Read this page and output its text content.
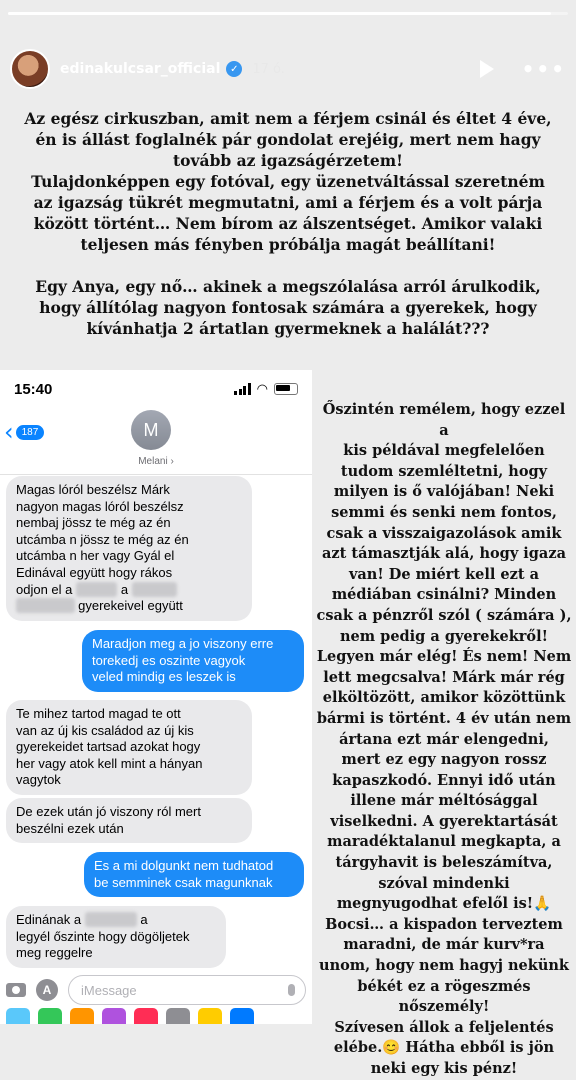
edinakulcsar_official ✓ 17 ó.	•••
Az egész cirkuszban, amit nem a férjem csinál és éltet 4 éve,
én is állást foglalnék pár gondolat erejéig, mert nem hagy
tovább az igazságérzetem!
Tulajdonképpen egy fotóval, egy üzenetváltással szeretném
az igazság tükrét megmutatni, ami a férjem és a volt párja
között történt… Nem bírom az álszentséget. Amikor valaki
teljesen más fényben próbálja magát beállítani!
Egy Anya, egy nő… akinek a megszólalása arról árulkodik,
hogy állítólag nagyon fontosak számára a gyerekek, hogy
kívánhatja 2 ártatlan gyermeknek a halálát???
15:40	◠
‹ 187	M
Melani ›
Magas lóról beszélsz Márk
nagyon magas lóról beszélsz
nembaj jössz te még az én
utcámba n jössz te még az én
utcámba n her vagy Gyál el
Edinával együtt hogy rákos
odjon el a kulcsár a xxxxxxx
xxxxxxxxx gyerekeivel együtt
Maradjon meg a jo viszony erre
torekedj es oszinte vagyok
veled mindig es leszek is
Te mihez tartod magad te ott
van az új kis családod az új kis
gyerekeidet tartsad azokat hogy
her vagy atok kell mint a hányan
vagytok
De ezek után jó viszony ról mert
beszélni ezek után
Es a mi dolgunkt nem tudhatod
be semminek csak magunknak
Edinának a xxxxxxxx a
legyél őszinte hogy dögöljetek
meg reggelre
A	iMessage
Őszintén remélem, hogy ezzel a
kis példával megfelelően
tudom szemléltetni, hogy
milyen is ő valójában! Neki
semmi és senki nem fontos,
csak a visszaigazolások amik
azt támasztják alá, hogy igaza
van! De miért kell ezt a
médiában csinálni? Minden
csak a pénzről szól ( számára ),
nem pedig a gyerekekről!
Legyen már elég! És nem! Nem
lett megcsalva! Márk már rég
elköltözött, amikor közöttünk
bármi is történt. 4 év után nem
ártana ezt már elengedni,
mert ez egy nagyon rossz
kapaszkodó. Ennyi idő után
illene már méltósággal
viselkedni. A gyerektartását
maradéktalanul megkapta, a
tárgyhavit is beleszámítva,
szóval mindenki
megnyugodhat efelől is!🙏
Bocsi… a kispadon terveztem
maradni, de már kurv*ra
unom, hogy nem hagyj nekünk
békét ez a rögeszmés
nőszemély!
Szívesen állok a feljelentés
elébe.😊 Hátha ebből is jön
neki egy kis pénz!
